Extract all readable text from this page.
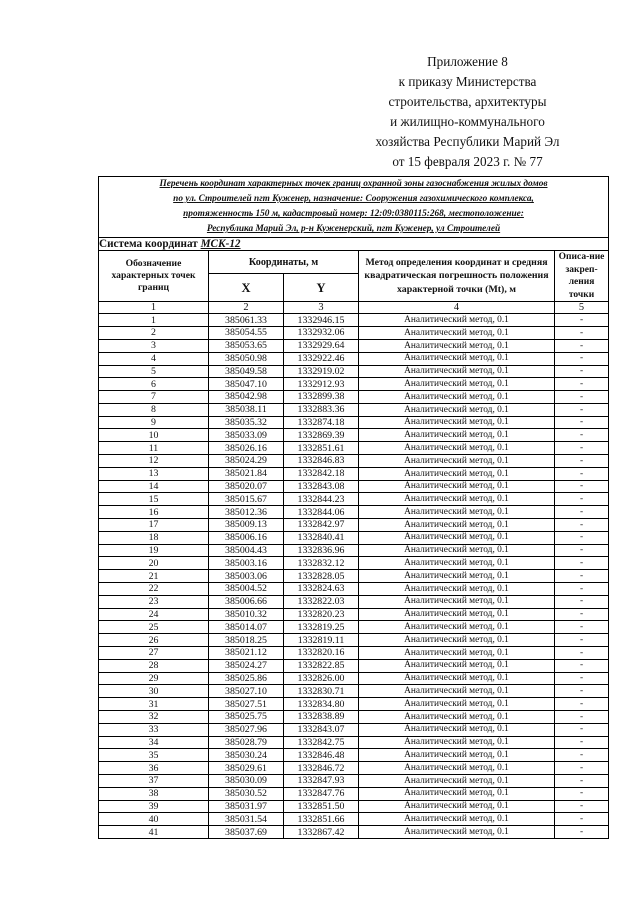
Приложение 8
к приказу Министерства
строительства, архитектуры
и жилищно-коммунального
хозяйства Республики Марий Эл
от 15 февраля 2023 г. № 77
Перечень координат характерных точек границ охранной зоны газоснабжения жилых домов
по ул. Строителей пгт Куженер, назначение: Сооружения газохимического комплекса,
протяженность 150 м, кадастровый номер: 12:09:0380115:268, местоположение:
Республика Марий Эл, р-н Куженерский, пгт Куженер, ул Строителей				

Система координат МСК-12				
Обозначение характерных точек границ	Координаты, м		Метод определения координат и средняя квадратическая погрешность положения характерной точки (Mt), м	Описа-ние закреп-ления точки
	X	Y		
1	2	3	4	5
1	385061.33	1332946.15	Аналитический метод, 0.1	-
2	385054.55	1332932.06	Аналитический метод, 0.1	-
3	385053.65	1332929.64	Аналитический метод, 0.1	-
4	385050.98	1332922.46	Аналитический метод, 0.1	-
5	385049.58	1332919.02	Аналитический метод, 0.1	-
6	385047.10	1332912.93	Аналитический метод, 0.1	-
7	385042.98	1332899.38	Аналитический метод, 0.1	-
8	385038.11	1332883.36	Аналитический метод, 0.1	-
9	385035.32	1332874.18	Аналитический метод, 0.1	-
10	385033.09	1332869.39	Аналитический метод, 0.1	-
11	385026.16	1332851.61	Аналитический метод, 0.1	-
12	385024.29	1332846.83	Аналитический метод, 0.1	-
13	385021.84	1332842.18	Аналитический метод, 0.1	-
14	385020.07	1332843.08	Аналитический метод, 0.1	-
15	385015.67	1332844.23	Аналитический метод, 0.1	-
16	385012.36	1332844.06	Аналитический метод, 0.1	-
17	385009.13	1332842.97	Аналитический метод, 0.1	-
18	385006.16	1332840.41	Аналитический метод, 0.1	-
19	385004.43	1332836.96	Аналитический метод, 0.1	-
20	385003.16	1332832.12	Аналитический метод, 0.1	-
21	385003.06	1332828.05	Аналитический метод, 0.1	-
22	385004.52	1332824.63	Аналитический метод, 0.1	-
23	385006.66	1332822.03	Аналитический метод, 0.1	-
24	385010.32	1332820.23	Аналитический метод, 0.1	-
25	385014.07	1332819.25	Аналитический метод, 0.1	-
26	385018.25	1332819.11	Аналитический метод, 0.1	-
27	385021.12	1332820.16	Аналитический метод, 0.1	-
28	385024.27	1332822.85	Аналитический метод, 0.1	-
29	385025.86	1332826.00	Аналитический метод, 0.1	-
30	385027.10	1332830.71	Аналитический метод, 0.1	-
31	385027.51	1332834.80	Аналитический метод, 0.1	-
32	385025.75	1332838.89	Аналитический метод, 0.1	-
33	385027.96	1332843.07	Аналитический метод, 0.1	-
34	385028.79	1332842.75	Аналитический метод, 0.1	-
35	385030.24	1332846.48	Аналитический метод, 0.1	-
36	385029.61	1332846.72	Аналитический метод, 0.1	-
37	385030.09	1332847.93	Аналитический метод, 0.1	-
38	385030.52	1332847.76	Аналитический метод, 0.1	-
39	385031.97	1332851.50	Аналитический метод, 0.1	-
40	385031.54	1332851.66	Аналитический метод, 0.1	-
41	385037.69	1332867.42	Аналитический метод, 0.1	-
